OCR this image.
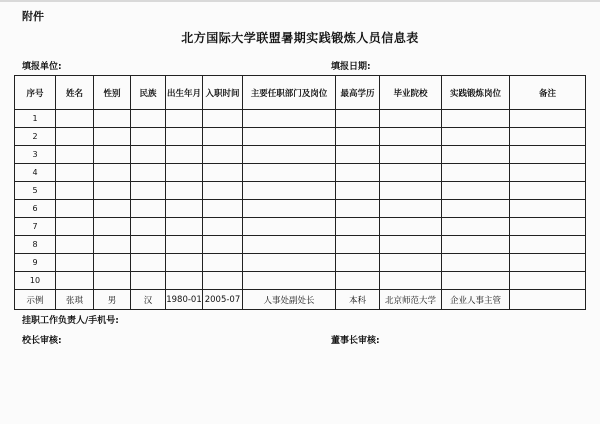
附件
北方国际大学联盟暑期实践锻炼人员信息表
填报单位:	填报日期:
序号	姓名	性别	民族	出生年月	入职时间	主要任职部门及岗位	最高学历	毕业院校	实践锻炼岗位	备注
1										
2										
3										
4										
5										
6										
7										
8										
9										
10										
示例	张琪	男	汉	1980-01	2005-07	人事处副处长	本科	北京师范大学	企业人事主管	
挂职工作负责人/手机号:
校长审核:	董事长审核:
